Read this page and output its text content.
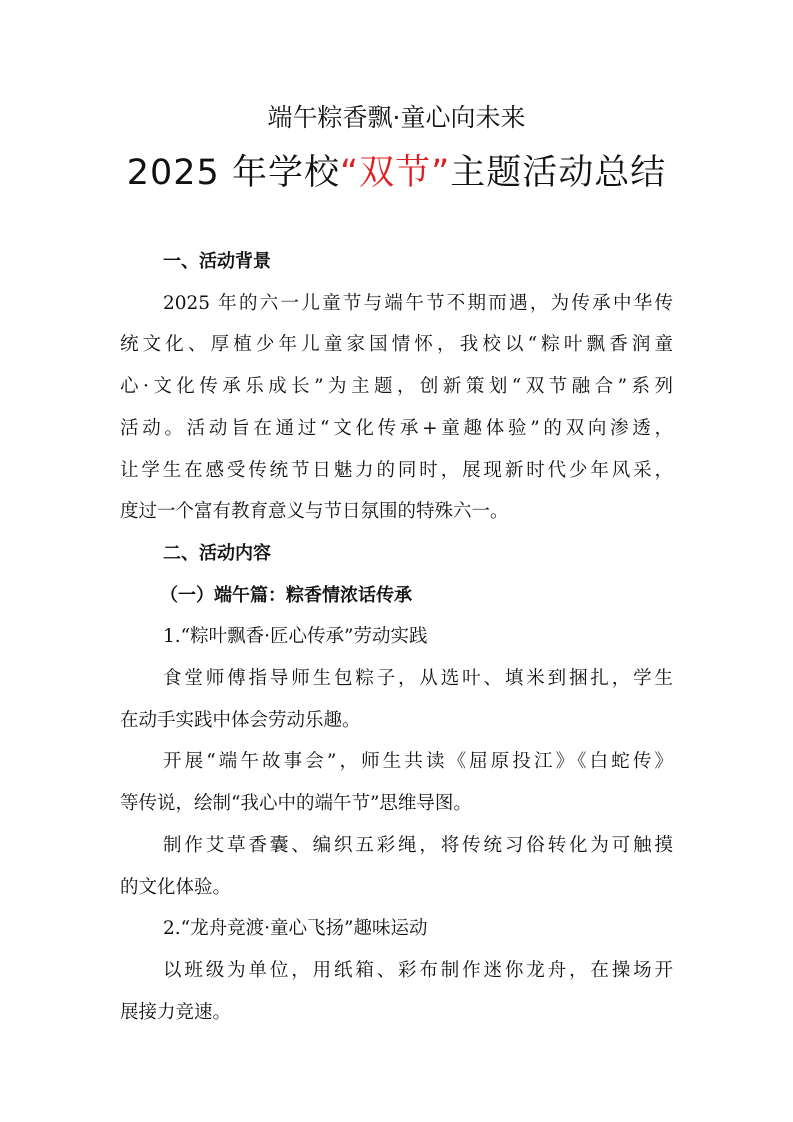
端午粽香飘·童心向未来
2025 年学校“双节”主题活动总结
一、活动背景
2025 年的六一儿童节与端午节不期而遇，为传承中华传
统文化、厚植少年儿童家国情怀，我校以“粽叶飘香润童
心·文化传承乐成长”为主题，创新策划“双节融合”系列
活动。活动旨在通过“文化传承+童趣体验”的双向渗透，
让学生在感受传统节日魅力的同时，展现新时代少年风采，
度过一个富有教育意义与节日氛围的特殊六一。
二、活动内容
（一）端午篇：粽香情浓话传承
1.“粽叶飘香·匠心传承”劳动实践
食堂师傅指导师生包粽子，从选叶、填米到捆扎，学生
在动手实践中体会劳动乐趣。
开展“端午故事会”，师生共读《屈原投江》《白蛇传》
等传说，绘制“我心中的端午节”思维导图。
制作艾草香囊、编织五彩绳，将传统习俗转化为可触摸
的文化体验。
2.“龙舟竞渡·童心飞扬”趣味运动
以班级为单位，用纸箱、彩布制作迷你龙舟，在操场开
展接力竞速。
